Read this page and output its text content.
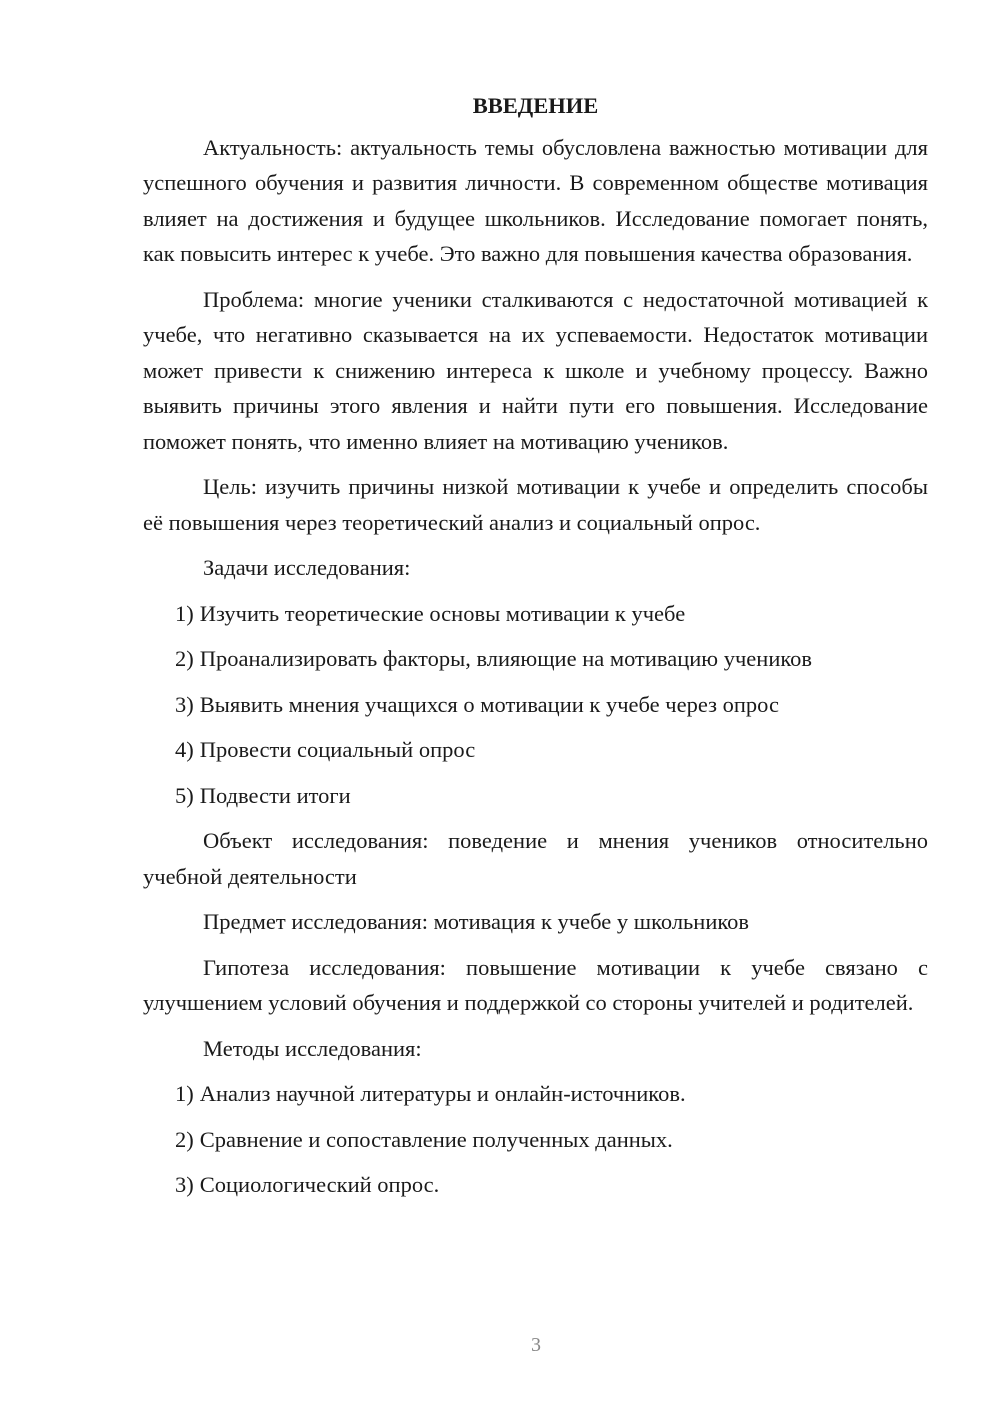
ВВЕДЕНИЕ

Актуальность: актуальность темы обусловлена важностью мотивации для успешного обучения и развития личности. В современном обществе мотивация влияет на достижения и будущее школьников. Исследование помогает понять, как повысить интерес к учебе. Это важно для повышения качества образования.

Проблема: многие ученики сталкиваются с недостаточной мотивацией к учебе, что негативно сказывается на их успеваемости. Недостаток мотивации может привести к снижению интереса к школе и учебному процессу. Важно выявить причины этого явления и найти пути его повышения. Исследование поможет понять, что именно влияет на мотивацию учеников.

Цель: изучить причины низкой мотивации к учебе и определить способы её повышения через теоретический анализ и социальный опрос.

Задачи исследования:

1) Изучить теоретические основы мотивации к учебе
2) Проанализировать факторы, влияющие на мотивацию учеников
3) Выявить мнения учащихся о мотивации к учебе через опрос
4) Провести социальный опрос
5) Подвести итоги

Объект исследования: поведение и мнения учеников относительно учебной деятельности

Предмет исследования: мотивация к учебе у школьников

Гипотеза исследования: повышение мотивации к учебе связано с улучшением условий обучения и поддержкой со стороны учителей и родителей.

Методы исследования:

1) Анализ научной литературы и онлайн-источников.
2) Сравнение и сопоставление полученных данных.
3) Социологический опрос.
3
